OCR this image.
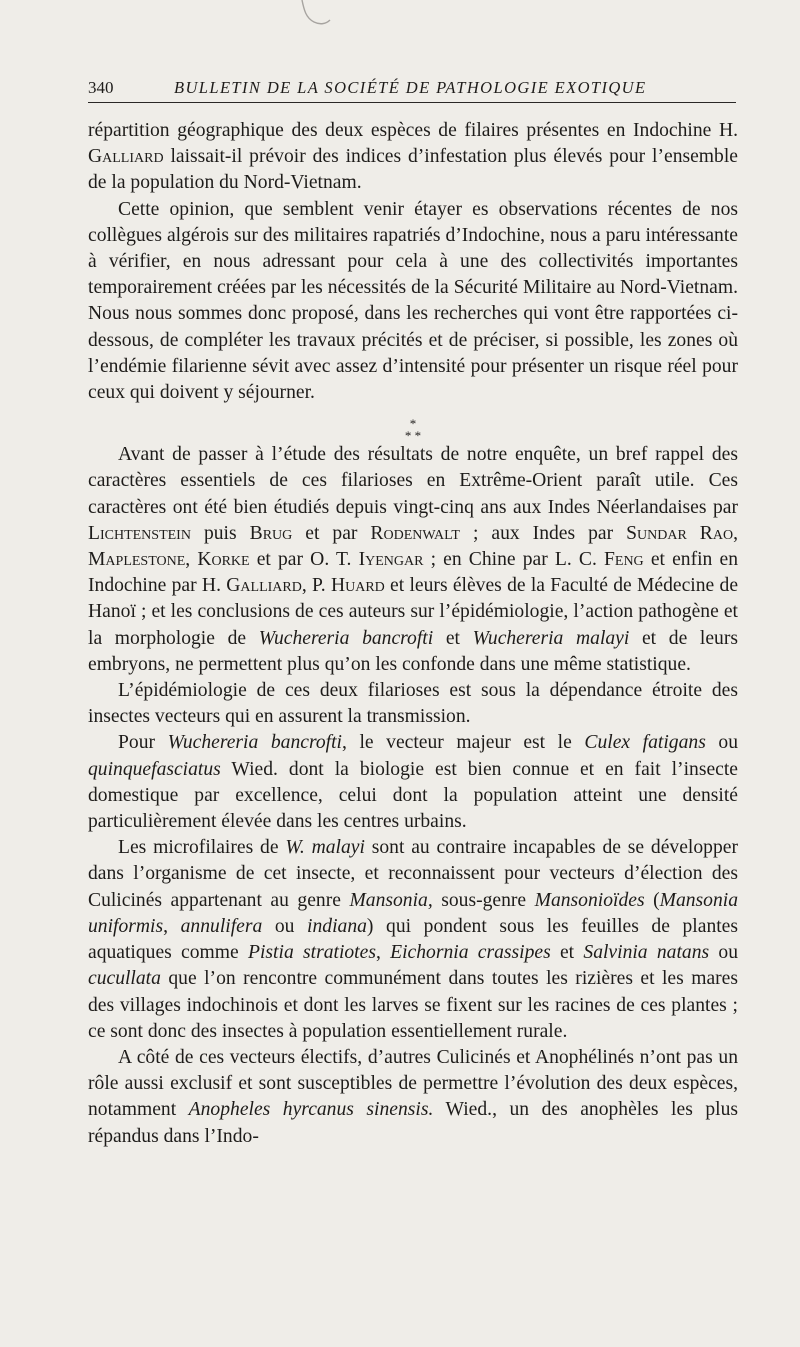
340	BULLETIN DE LA SOCIÉTÉ DE PATHOLOGIE EXOTIQUE

répartition géographique des deux espèces de filaires présentes en Indochine H. Galliard laissait-il prévoir des indices d’infestation plus élevés pour l’ensemble de la population du Nord-Vietnam.

Cette opinion, que semblent venir étayer es observations récentes de nos collègues algérois sur des militaires rapatriés d’Indochine, nous a paru intéressante à vérifier, en nous adressant pour cela à une des collectivités importantes temporairement créées par les nécessités de la Sécurité Militaire au Nord-Vietnam. Nous nous sommes donc proposé, dans les recherches qui vont être rapportées ci-dessous, de compléter les travaux précités et de préciser, si possible, les zones où l’endémie filarienne sévit avec assez d’intensité pour présenter un risque réel pour ceux qui doivent y séjourner.

*
* *

Avant de passer à l’étude des résultats de notre enquête, un bref rappel des caractères essentiels de ces filarioses en Extrême-Orient paraît utile. Ces caractères ont été bien étudiés depuis vingt-cinq ans aux Indes Néerlandaises par Lichtenstein puis Brug et par Rodenwalt ; aux Indes par Sundar Rao, Maplestone, Korke et par O. T. Iyengar ; en Chine par L. C. Feng et enfin en Indochine par H. Galliard, P. Huard et leurs élèves de la Faculté de Médecine de Hanoï ; et les conclusions de ces auteurs sur l’épidémiologie, l’action pathogène et la morphologie de Wuchereria bancrofti et Wuchereria malayi et de leurs embryons, ne permettent plus qu’on les confonde dans une même statistique.

L’épidémiologie de ces deux filarioses est sous la dépendance étroite des insectes vecteurs qui en assurent la transmission.

Pour Wuchereria bancrofti, le vecteur majeur est le Culex fatigans ou quinquefasciatus Wied. dont la biologie est bien connue et en fait l’insecte domestique par excellence, celui dont la population atteint une densité particulièrement élevée dans les centres urbains.

Les microfilaires de W. malayi sont au contraire incapables de se développer dans l’organisme de cet insecte, et reconnaissent pour vecteurs d’élection des Culicinés appartenant au genre Mansonia, sous-genre Mansonioïdes (Mansonia uniformis, annulifera ou indiana) qui pondent sous les feuilles de plantes aquatiques comme Pistia stratiotes, Eichornia crassipes et Salvinia natans ou cucullata que l’on rencontre communément dans toutes les rizières et les mares des villages indochinois et dont les larves se fixent sur les racines de ces plantes ; ce sont donc des insectes à population essentiellement rurale.

A côté de ces vecteurs électifs, d’autres Culicinés et Anophélinés n’ont pas un rôle aussi exclusif et sont susceptibles de permettre l’évolution des deux espèces, notamment Anopheles hyrcanus sinensis. Wied., un des anophèles les plus répandus dans l’Indo-
